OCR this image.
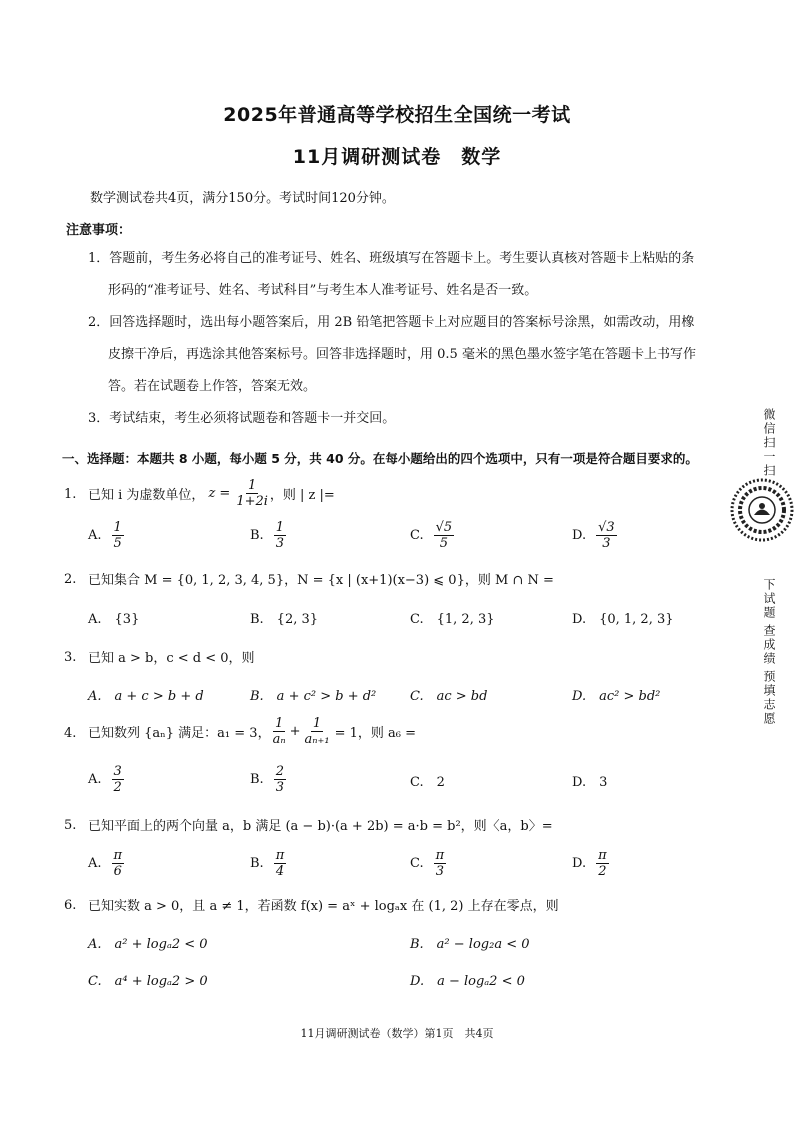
2025年普通高等学校招生全国统一考试
11月调研测试卷　数学
数学测试卷共4页，满分150分。考试时间120分钟。
注意事项：
1．答题前，考生务必将自己的准考证号、姓名、班级填写在答题卡上。考生要认真核对答题卡上粘贴的条
形码的“准考证号、姓名、考试科目”与考生本人准考证号、姓名是否一致。
2．回答选择题时，选出每小题答案后，用 2B 铅笔把答题卡上对应题目的答案标号涂黑，如需改动，用橡
皮擦干净后，再选涂其他答案标号。回答非选择题时，用 0.5 毫米的黑色墨水签字笔在答题卡上书写作
答。若在试题卷上作答，答案无效。
3．考试结束，考生必须将试题卷和答题卡一并交回。
一、选择题：本题共 8 小题，每小题 5 分，共 40 分。在每小题给出的四个选项中，只有一项是符合题目要求的。
1. 已知 i 为虚数单位， $z = \frac{1}{1+2i}$ ，则 | z |=
A. $\frac{1}{5}$	B. $\frac{1}{3}$	C. $\frac{√5}{5}$	D. $\frac{√3}{3}$
2. 已知集合 M = {0, 1, 2, 3, 4, 5}，N = {x | (x+1)(x−3) ⩽ 0}，则 M ∩ N =
A.　{3}	B.　{2, 3}	C.　{1, 2, 3}	D.　{0, 1, 2, 3}
3. 已知 a > b，c < d < 0，则
A.　a + c > b + d	B.　a + c² > b + d²	C.　ac > bd	D.　ac² > bd²
4. 已知数列 {aₙ} 满足：a₁ = 3， $\frac{1}{\text{aₙ}} + \frac{1}{\text{aₙ₊₁}} = 1$，则 a₆ =
A. $\frac{3}{2}$	B. $\frac{2}{3}$	C.　2	D.　3
5. 已知平面上的两个向量 a，b 满足 (a − b)·(a + 2b) = a·b = b²，则〈a，b〉=
A. $\frac{\pi}{6}$	B. $\frac{\pi}{4}$	C. $\frac{\pi}{3}$	D. $\frac{\pi}{2}$
6. 已知实数 a > 0，且 a ≠ 1，若函数 f(x) = aˣ + logₐx 在 (1, 2) 上存在零点，则
A.　a² + logₐ2 < 0	B.　a² − log₂a < 0
C.　a⁴ + logₐ2 > 0	D.　a − logₐ2 < 0
微信扫一扫
下试题
查成绩
预填志愿
11月调研测试卷（数学）第1页　共4页
